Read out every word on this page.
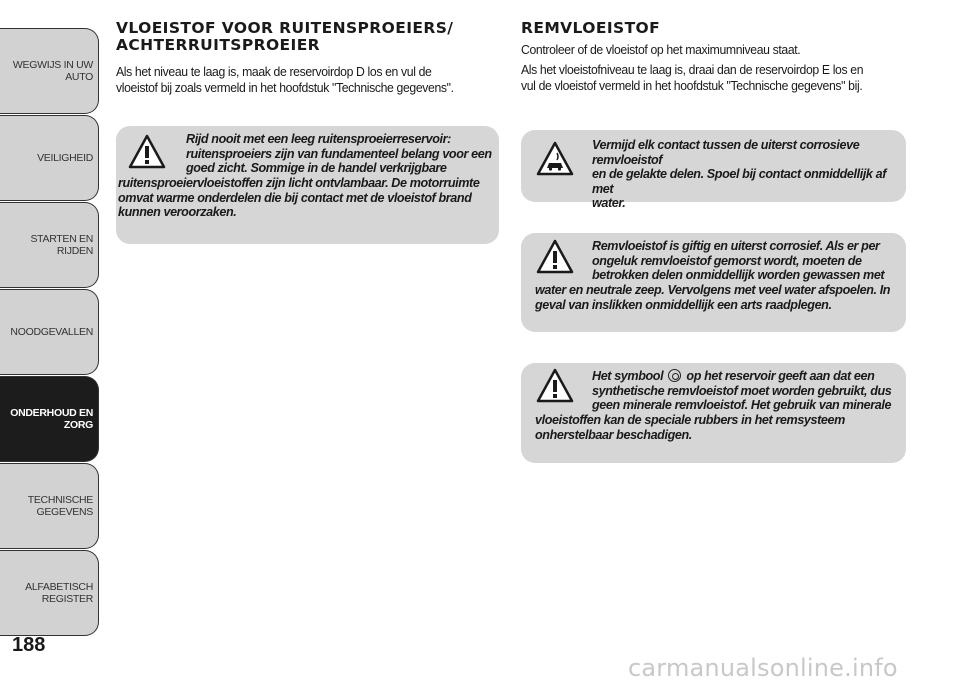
WEGWIJS IN UW
AUTO
VEILIGHEID
STARTEN EN RIJDEN
NOODGEVALLEN
ONDERHOUD EN
ZORG
TECHNISCHE
GEGEVENS
ALFABETISCH
REGISTER
188
VLOEISTOF VOOR RUITENSPROEIERS/
ACHTERRUITSPROEIER
Als het niveau te laag is, maak de reservoirdop D los en vul de
vloeistof bij zoals vermeld in het hoofdstuk "Technische gegevens".
Rijd nooit met een leeg ruitensproeierreservoir:
ruitensproeiers zijn van fundamenteel belang voor een
goed zicht. Sommige in de handel verkrijgbare
ruitensproeiervloeistoffen zijn licht ontvlambaar. De motorruimte
omvat warme onderdelen die bij contact met de vloeistof brand
kunnen veroorzaken.
REMVLOEISTOF
Controleer of de vloeistof op het maximumniveau staat.
Als het vloeistofniveau te laag is, draai dan de reservoirdop E los en
vul de vloeistof vermeld in het hoofdstuk "Technische gegevens" bij.
Vermijd elk contact tussen de uiterst corrosieve remvloeistof
en de gelakte delen. Spoel bij contact onmiddellijk af met
water.
Remvloeistof is giftig en uiterst corrosief. Als er per
ongeluk remvloeistof gemorst wordt, moeten de
betrokken delen onmiddellijk worden gewassen met
water en neutrale zeep. Vervolgens met veel water afspoelen. In
geval van inslikken onmiddellijk een arts raadplegen.
Het symbool op het reservoir geeft aan dat een
synthetische remvloeistof moet worden gebruikt, dus
geen minerale remvloeistof. Het gebruik van minerale
vloeistoffen kan de speciale rubbers in het remsysteem
onherstelbaar beschadigen.
carmanualsonline.info
